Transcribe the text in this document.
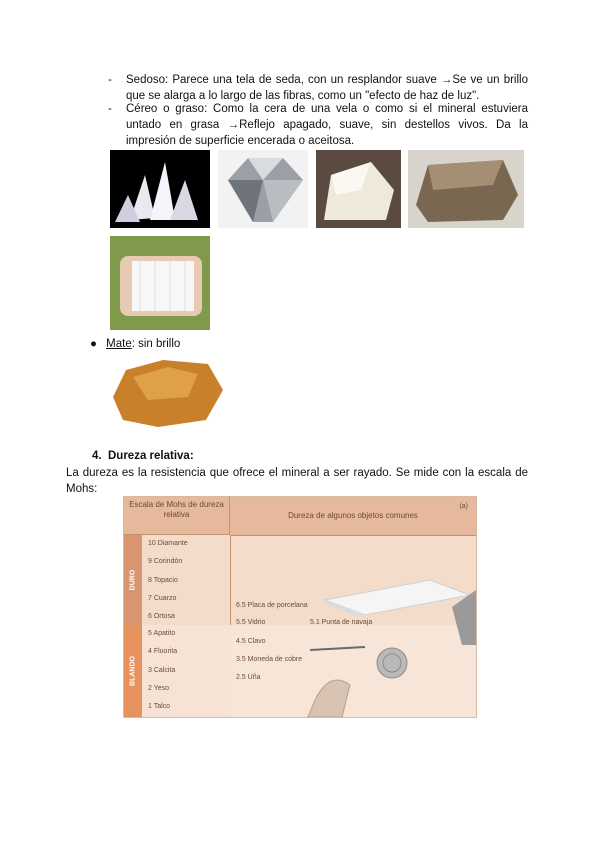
- Sedoso: Parece una tela de seda, con un resplandor suave →Se ve un brillo que se alarga a lo largo de las fibras, como un "efecto de haz de luz".
- Céreo o graso: Como la cera de una vela o como si el mineral estuviera untado en grasa →Reflejo apagado, suave, sin destellos vivos. Da la impresión de superficie encerada o aceitosa.
● Mate: sin brillo
4. Dureza relativa:
La dureza es la resistencia que ofrece el mineral a ser rayado. Se mide con la escala de Mohs:
Escala de Mohs de dureza relativa	Dureza de algunos objetos comunes
(a)
DURO
BLANDO
10 Diamante
9 Corindón
8 Topacio
7 Cuarzo
6 Ortosa
5 Apatito
4 Fluorita
3 Calcita
2 Yeso
1 Talco
6.5 Placa de porcelana
5.5 Vidrio	5.1 Punta de navaja
4.5 Clavo
3.5 Moneda de cobre
2.5 Uña
